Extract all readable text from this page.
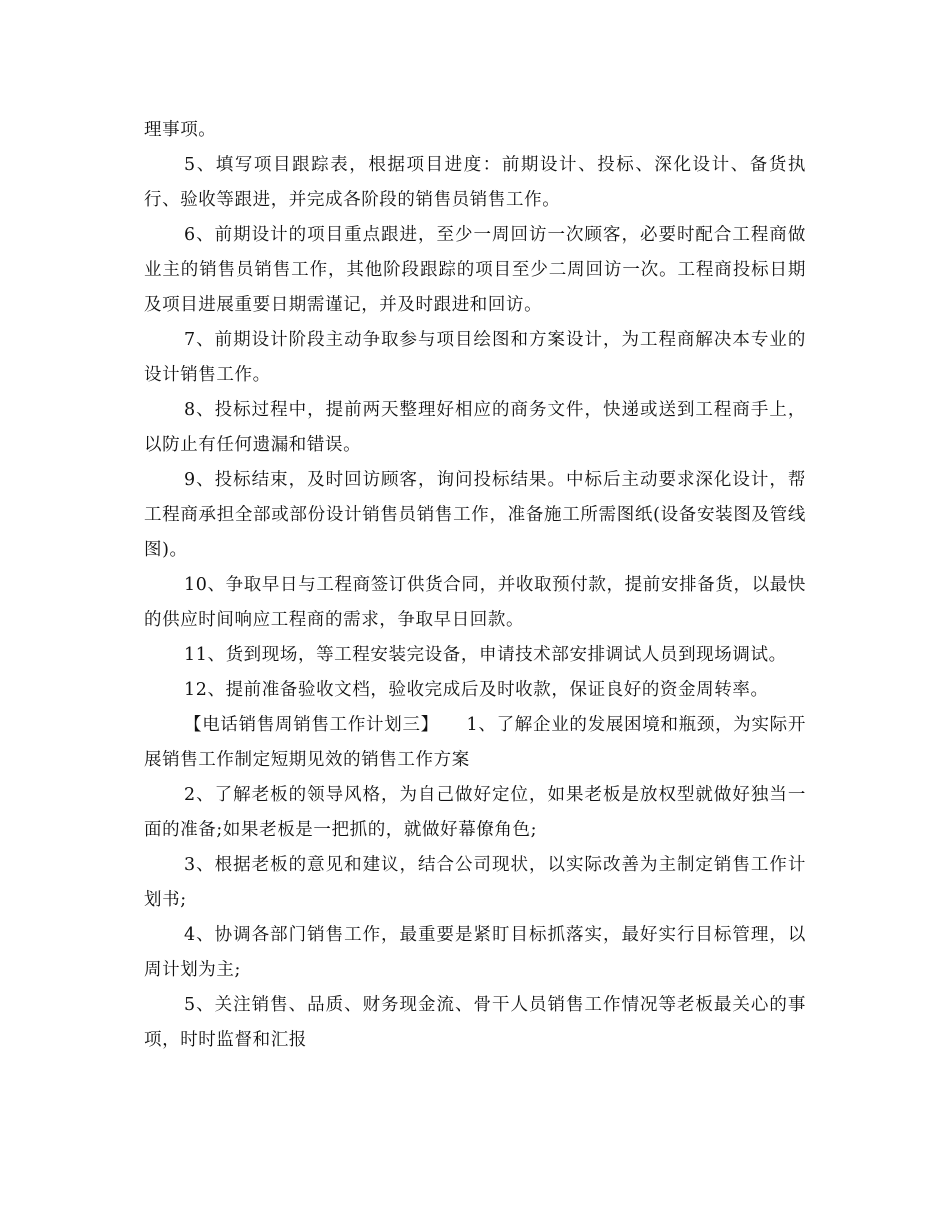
理事项。

5、填写项目跟踪表，根据项目进度：前期设计、投标、深化设计、备货执行、验收等跟进，并完成各阶段的销售员销售工作。

6、前期设计的项目重点跟进，至少一周回访一次顾客，必要时配合工程商做业主的销售员销售工作，其他阶段跟踪的项目至少二周回访一次。工程商投标日期及项目进展重要日期需谨记，并及时跟进和回访。

7、前期设计阶段主动争取参与项目绘图和方案设计，为工程商解决本专业的设计销售工作。

8、投标过程中，提前两天整理好相应的商务文件，快递或送到工程商手上，以防止有任何遗漏和错误。

9、投标结束，及时回访顾客，询问投标结果。中标后主动要求深化设计，帮工程商承担全部或部份设计销售员销售工作，准备施工所需图纸(设备安装图及管线图)。

10、争取早日与工程商签订供货合同，并收取预付款，提前安排备货，以最快的供应时间响应工程商的需求，争取早日回款。

11、货到现场，等工程安装完设备，申请技术部安排调试人员到现场调试。

12、提前准备验收文档，验收完成后及时收款，保证良好的资金周转率。

【电话销售周销售工作计划三】　　1、了解企业的发展困境和瓶颈，为实际开展销售工作制定短期见效的销售工作方案

2、了解老板的领导风格，为自己做好定位，如果老板是放权型就做好独当一面的准备;如果老板是一把抓的，就做好幕僚角色;

3、根据老板的意见和建议，结合公司现状，以实际改善为主制定销售工作计划书;

4、协调各部门销售工作，最重要是紧盯目标抓落实，最好实行目标管理，以周计划为主;

5、关注销售、品质、财务现金流、骨干人员销售工作情况等老板最关心的事项，时时监督和汇报
